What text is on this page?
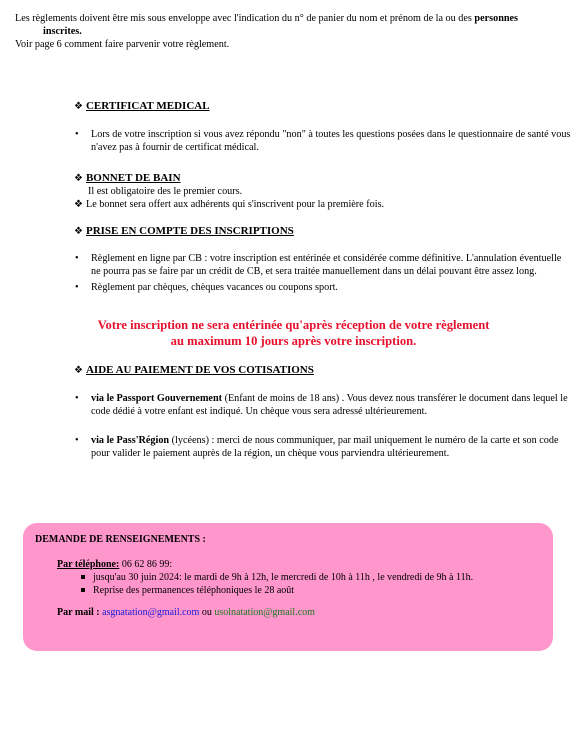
Les règlements doivent être mis sous enveloppe avec l'indication du n° de panier du nom et prénom de la ou des personnes
inscrites.
Voir page 6 comment faire parvenir votre règlement.
❖ CERTIFICAT MEDICAL
• Lors de votre inscription si vous avez répondu "non" à toutes les questions posées dans le questionnaire de santé vous n'avez pas à fournir de certificat médical.
❖ BONNET DE BAIN
Il est obligatoire des le premier cours.
❖ Le bonnet sera offert aux adhérents qui s'inscrivent pour la première fois.
❖ PRISE EN COMPTE DES INSCRIPTIONS
• Règlement en ligne par CB : votre inscription est entérinée et considérée comme définitive. L'annulation éventuelle ne pourra pas se faire par un crédit de CB, et sera traitée manuellement dans un délai pouvant être assez long.
• Règlement par chèques, chèques vacances ou coupons sport.
Votre inscription ne sera entérinée qu'après réception de votre règlement
au maximum 10 jours après votre inscription.
❖ AIDE AU PAIEMENT DE VOS COTISATIONS
• via le Passport Gouvernement (Enfant de moins de 18 ans) . Vous devez nous transférer le document dans lequel le code dédié à votre enfant est indiqué. Un chèque vous sera adressé ultérieurement.
• via le Pass'Région (lycéens) : merci de nous communiquer, par mail uniquement le numéro de la carte et son code pour valider le paiement auprès de la région, un chèque vous parviendra ultérieurement.
DEMANDE DE RENSEIGNEMENTS :
Par téléphone: 06 62 86 99:
jusqu'au 30 juin 2024: le mardi de 9h à 12h, le mercredi de 10h à 11h , le vendredi de 9h à 11h.
Reprise des permanences téléphoniques le 28 août
Par mail : asgnatation@gmail.com ou usolnatation@gmail.com
